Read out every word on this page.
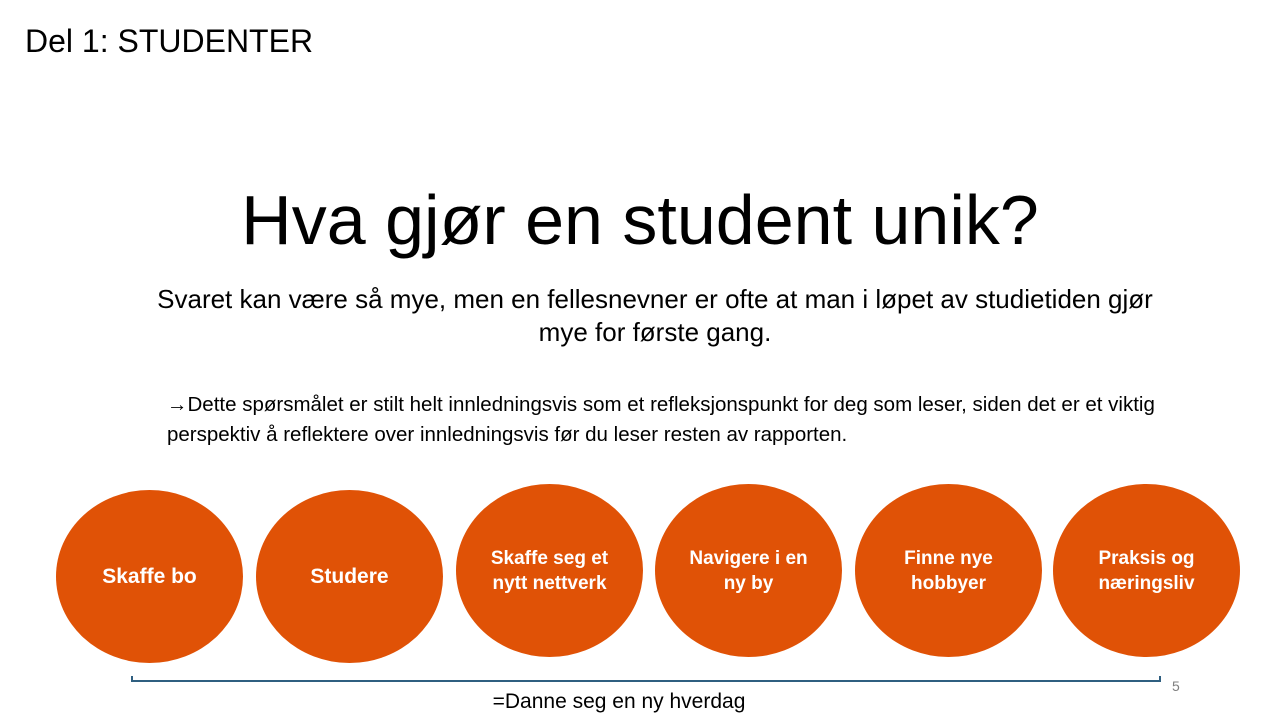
Del 1: STUDENTER
Hva gjør en student unik?
Svaret kan være så mye, men en fellesnevner er ofte at man i løpet av studietiden gjør mye for første gang.
→Dette spørsmålet er stilt helt innledningsvis som et refleksjonspunkt for deg som leser, siden det er et viktig perspektiv å reflektere over innledningsvis før du leser resten av rapporten.
Skaffe bo	Studere
Skaffe seg et nytt nettverk
Navigere i en ny by
Finne nye hobbyer
Praksis og næringsliv
=Danne seg en ny hverdag
5
